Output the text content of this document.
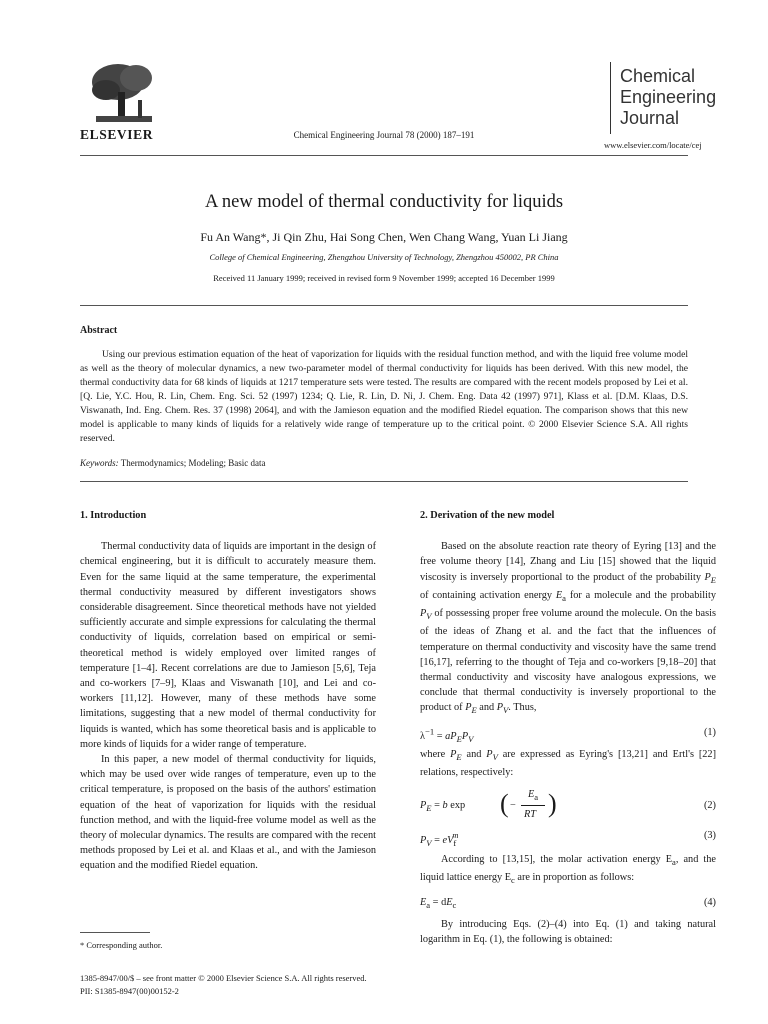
ELSEVIER	Chemical Engineering Journal 78 (2000) 187–191
Chemical
Engineering
Journal
www.elsevier.com/locate/cej
A new model of thermal conductivity for liquids
Fu An Wang*, Ji Qin Zhu, Hai Song Chen, Wen Chang Wang, Yuan Li Jiang
College of Chemical Engineering, Zhengzhou University of Technology, Zhengzhou 450002, PR China
Received 11 January 1999; received in revised form 9 November 1999; accepted 16 December 1999
Abstract
Using our previous estimation equation of the heat of vaporization for liquids with the residual function method, and with the liquid free volume model as well as the theory of molecular dynamics, a new two-parameter model of thermal conductivity for liquids has been derived. With this new model, the thermal conductivity data for 68 kinds of liquids at 1217 temperature sets were tested. The results are compared with the recent models proposed by Lei et al. [Q. Lie, Y.C. Hou, R. Lin, Chem. Eng. Sci. 52 (1997) 1234; Q. Lie, R. Lin, D. Ni, J. Chem. Eng. Data 42 (1997) 971], Klass et al. [D.M. Klaas, D.S. Viswanath, Ind. Eng. Chem. Res. 37 (1998) 2064], and with the Jamieson equation and the modified Riedel equation. The comparison shows that this new model is applicable to many kinds of liquids for a relatively wide range of temperature up to the critical point. © 2000 Elsevier Science S.A. All rights reserved.
Keywords: Thermodynamics; Modeling; Basic data
1. Introduction
Thermal conductivity data of liquids are important in the design of chemical engineering, but it is difficult to accurately measure them. Even for the same liquid at the same temperature, the experimental thermal conductivity measured by different investigators shows considerable disagreement. Since theoretical methods have not yielded sufficiently accurate and simple expressions for calculating the thermal conductivity of liquids, correlation based on empirical or semi-theoretical method is widely employed over limited ranges of temperature [1–4]. Recent correlations are due to Jamieson [5,6], Teja and co-workers [7–9], Klaas and Viswanath [10], and Lei and co-workers [11,12]. However, many of these methods have some limitations, suggesting that a new model of thermal conductivity for liquids is wanted, which has some theoretical basis and is applicable to more kinds of liquids for a wider range of temperature.
In this paper, a new model of thermal conductivity for liquids, which may be used over wide ranges of temperature, even up to the critical temperature, is proposed on the basis of the authors' estimation equation of the heat of vaporization for liquids with the residual function method, and with the liquid-free volume model as well as the theory of molecular dynamics. The results are compared with the recent methods proposed by Lei et al. and Klaas et al., and with the Jamieson equation and the modified Riedel equation.
2. Derivation of the new model
Based on the absolute reaction rate theory of Eyring [13] and the free volume theory [14], Zhang and Liu [15] showed that the liquid viscosity is inversely proportional to the product of the probability $P_E$ of containing activation energy $E_a$ for a molecule and the probability $P_V$ of possessing proper free volume around the molecule. On the basis of the ideas of Zhang et al. and the fact that the influences of temperature on thermal conductivity and viscosity have the same trend [16,17], referring to the thought of Teja and co-workers [9,18–20] that thermal conductivity and viscosity have analogous expressions, we conclude that thermal conductivity is inversely proportional to the product of $P_E$ and $P_V$. Thus,
$\lambda^{-1} = aP_EP_V$
(1)
where $P_E$ and $P_V$ are expressed as Eyring's [13,21] and Ertl's [22] relations, respectively:
$P_E = b$ exp ( −
$E_a$
RT )	(2)
$P_V = eV_f^m$	(3)
According to [13,15], the molar activation energy $E_a$, and the liquid lattice energy $E_c$ are in proportion as follows:
$E_a = dE_c$	(4)
By introducing Eqs. (2)–(4) into Eq. (1) and taking natural logarithm in Eq. (1), the following is obtained:
* Corresponding author.
1385-8947/00/$ – see front matter © 2000 Elsevier Science S.A. All rights reserved.
PII: S1385-8947(00)00152-2
